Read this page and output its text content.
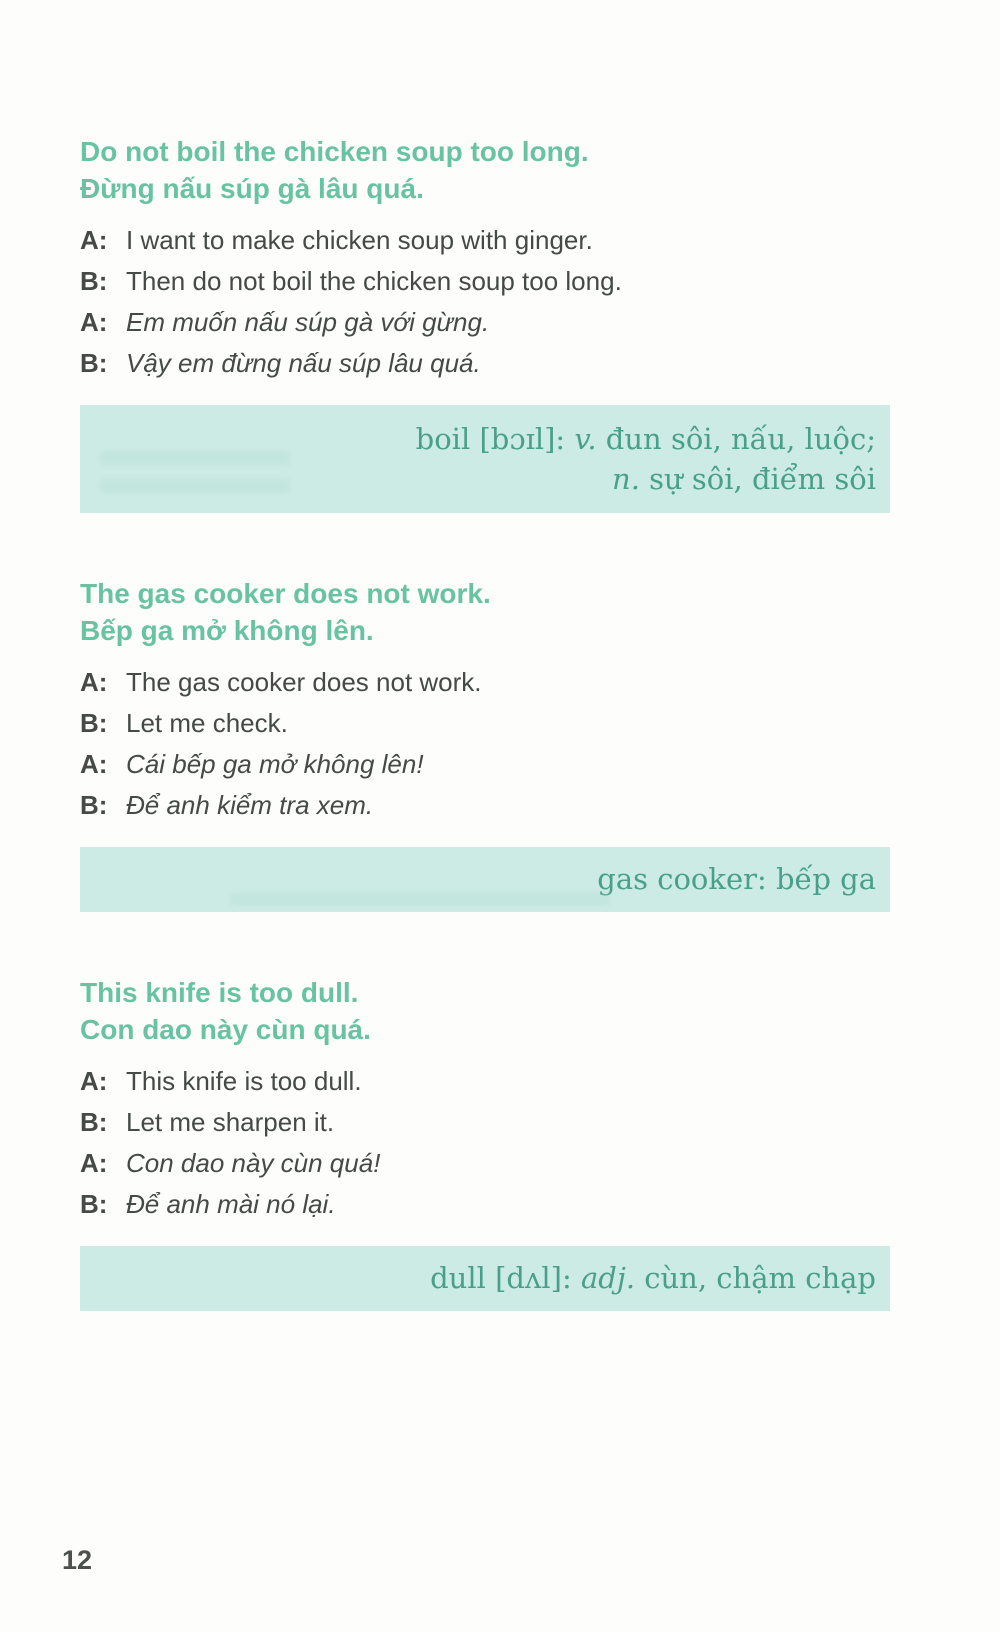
Do not boil the chicken soup too long.
Đừng nấu súp gà lâu quá.
A: I want to make chicken soup with ginger.
B: Then do not boil the chicken soup too long.
A: Em muốn nấu súp gà với gừng.
B: Vậy em đừng nấu súp lâu quá.
boil [bɔɪl]: v. đun sôi, nấu, luộc;
n. sự sôi, điểm sôi
The gas cooker does not work.
Bếp ga mở không lên.
A: The gas cooker does not work.
B: Let me check.
A: Cái bếp ga mở không lên!
B: Để anh kiểm tra xem.
gas cooker: bếp ga
This knife is too dull.
Con dao này cùn quá.
A: This knife is too dull.
B: Let me sharpen it.
A: Con dao này cùn quá!
B: Để anh mài nó lại.
dull [dʌl]: adj. cùn, chậm chạp
12
